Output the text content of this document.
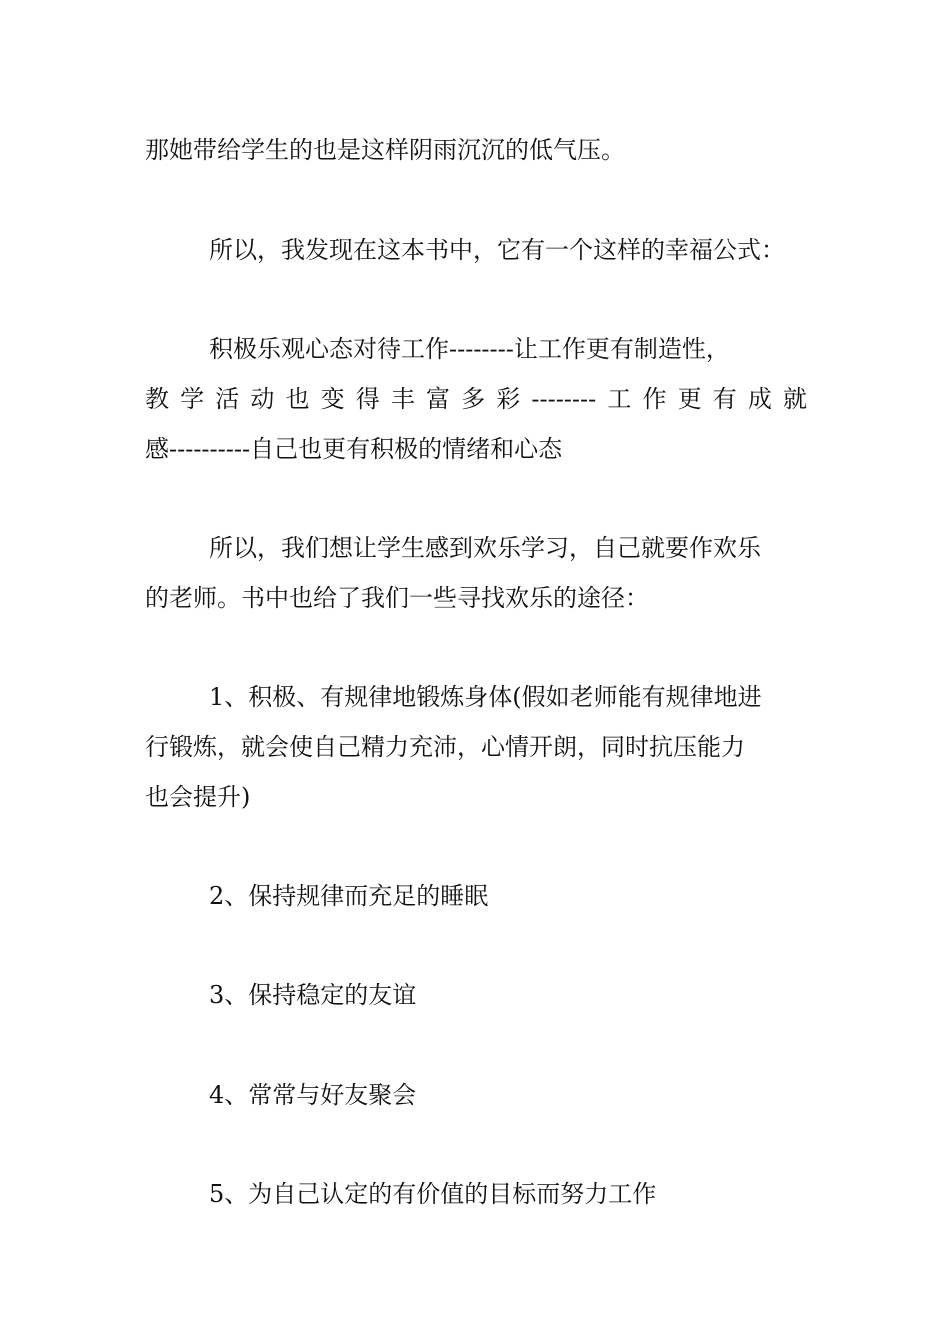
那她带给学生的也是这样阴雨沉沉的低气压。
所以，我发现在这本书中，它有一个这样的幸福公式：
积极乐观心态对待工作--------让工作更有制造性，
教学活动也变得丰富多彩--------工作更有成就
感----------自己也更有积极的情绪和心态
所以，我们想让学生感到欢乐学习，自己就要作欢乐
的老师。书中也给了我们一些寻找欢乐的途径：
1、积极、有规律地锻炼身体(假如老师能有规律地进
行锻炼，就会使自己精力充沛，心情开朗，同时抗压能力
也会提升)
2、保持规律而充足的睡眠
3、保持稳定的友谊
4、常常与好友聚会
5、为自己认定的有价值的目标而努力工作
